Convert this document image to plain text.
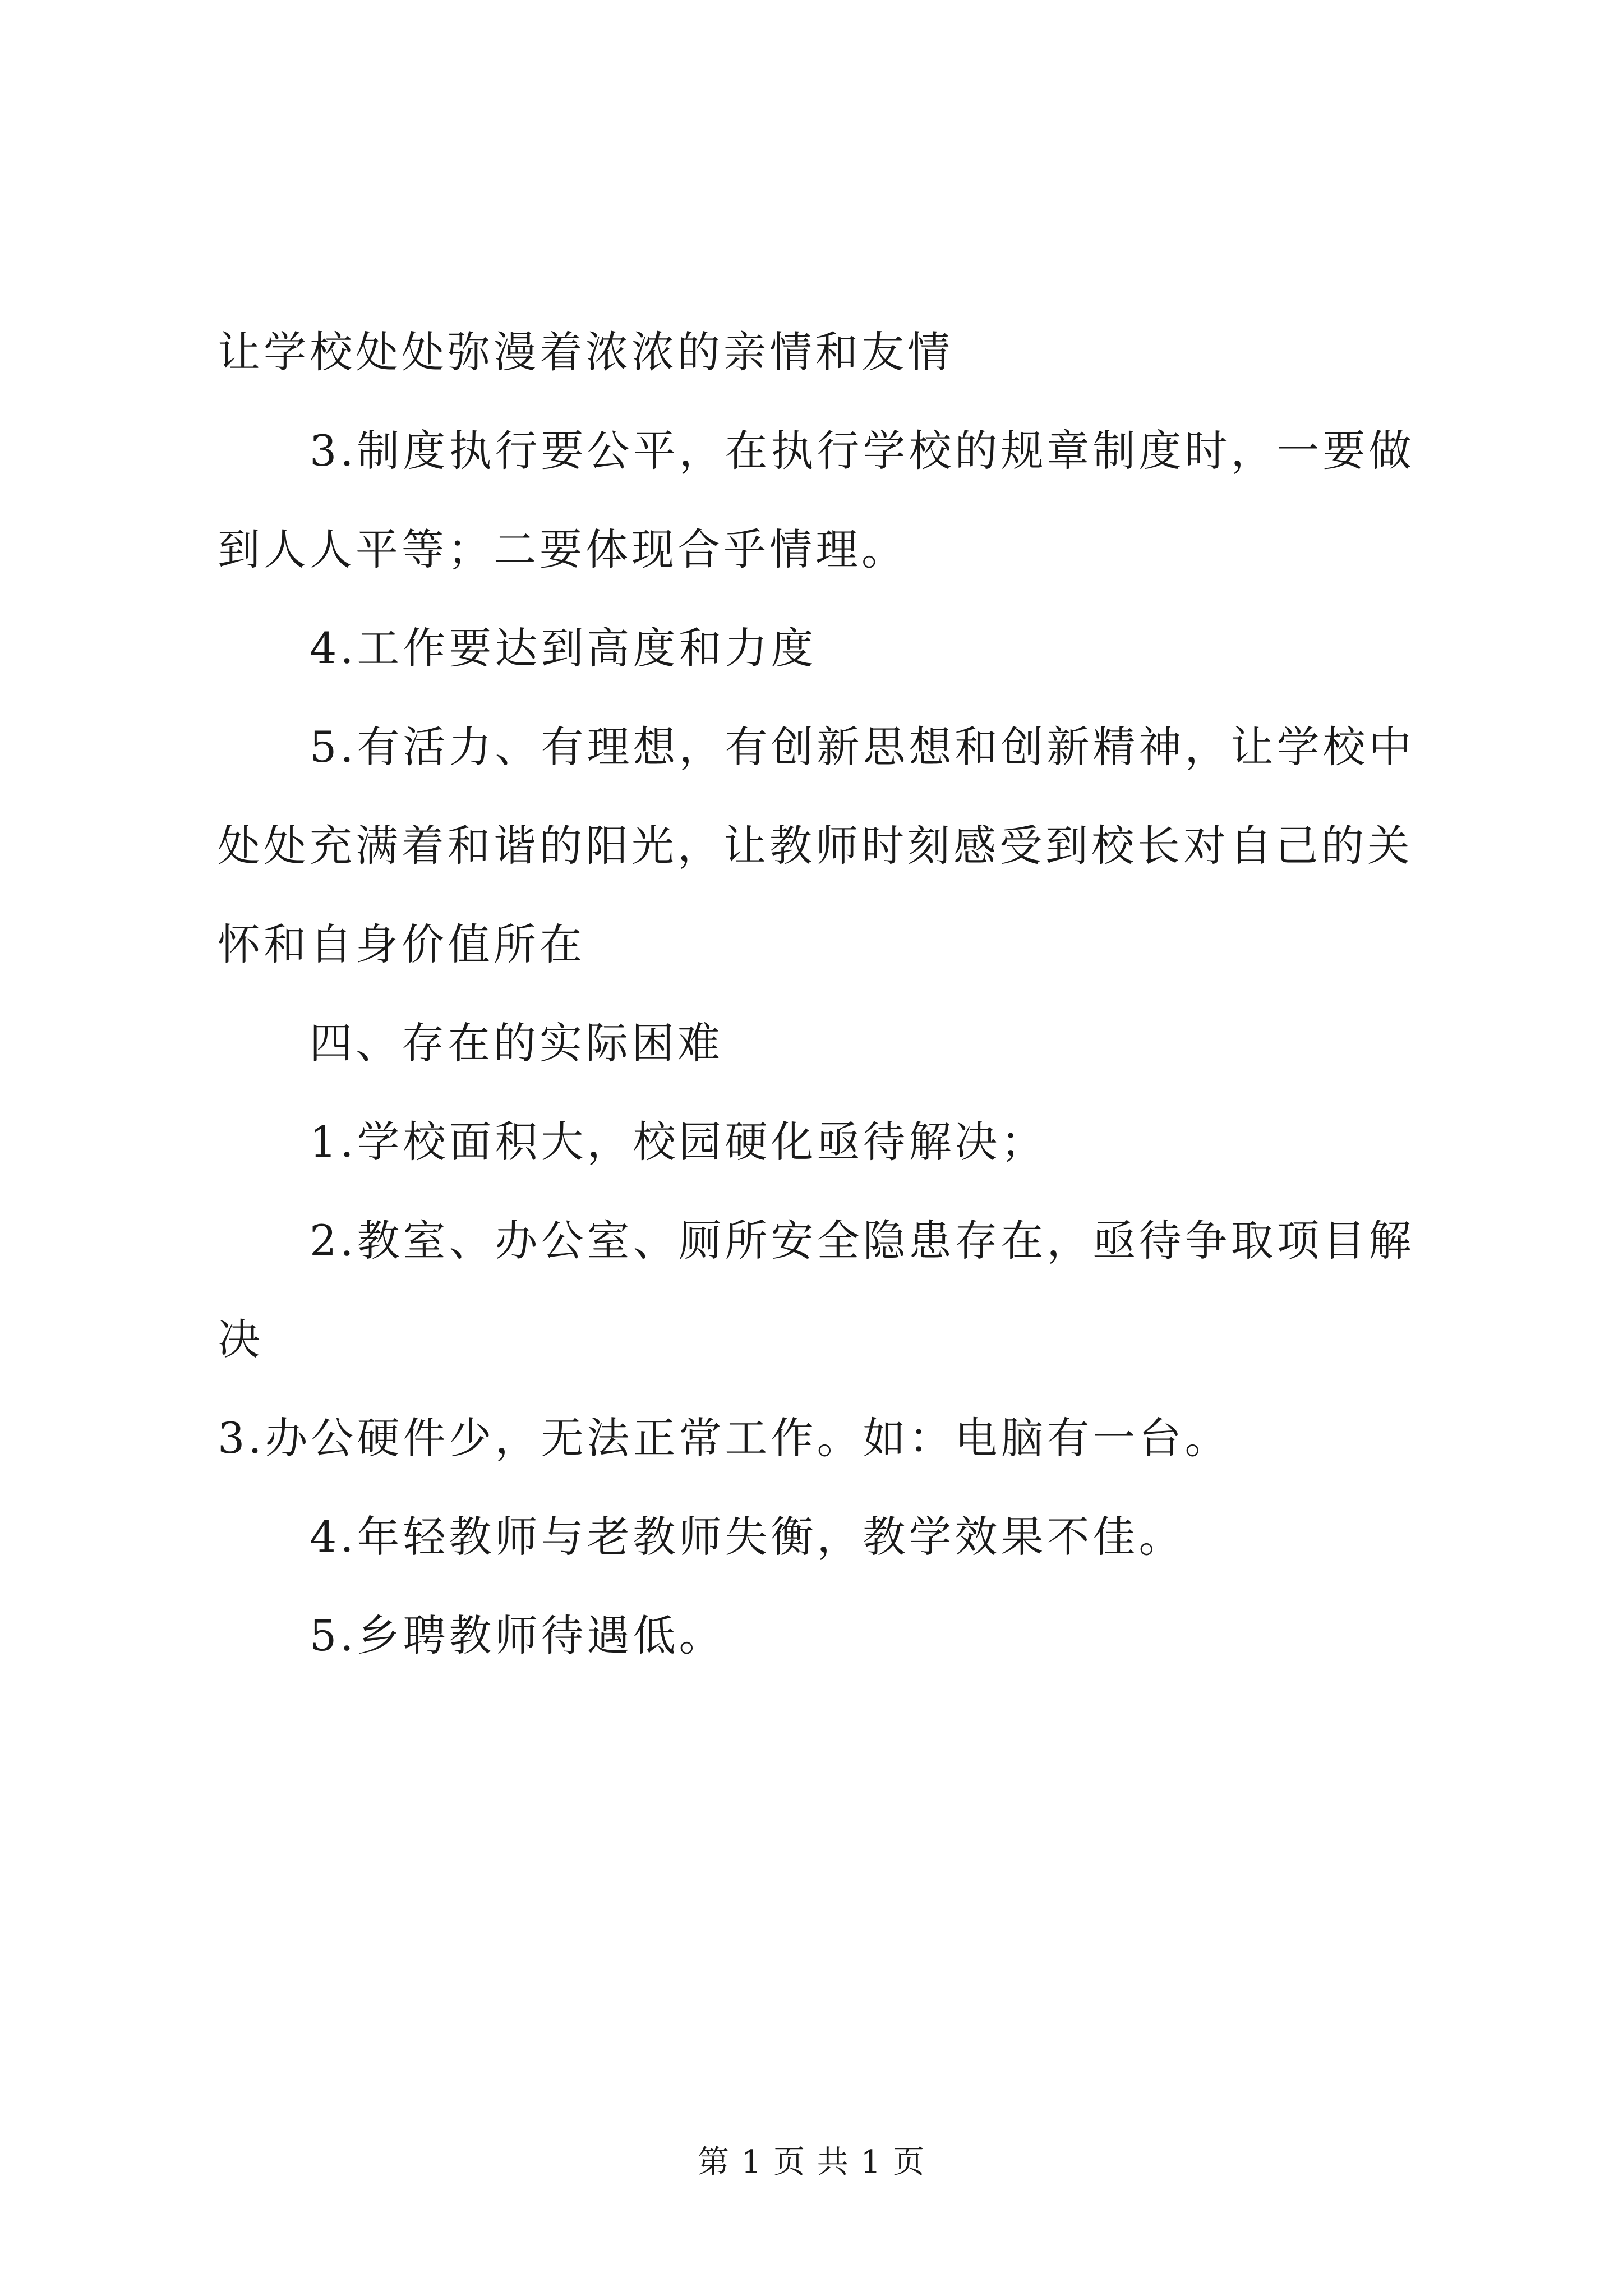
让学校处处弥漫着浓浓的亲情和友情

3.制度执行要公平，在执行学校的规章制度时，一要做到人人平等；二要体现合乎情理。

4.工作要达到高度和力度

5.有活力、有理想，有创新思想和创新精神，让学校中处处充满着和谐的阳光，让教师时刻感受到校长对自己的关怀和自身价值所在

四、存在的实际困难

1.学校面积大，校园硬化亟待解决；

2.教室、办公室、厕所安全隐患存在，亟待争取项目解决

3.办公硬件少，无法正常工作。如：电脑有一台。

4.年轻教师与老教师失衡，教学效果不佳。

5.乡聘教师待遇低。

第 1 页 共 1 页
